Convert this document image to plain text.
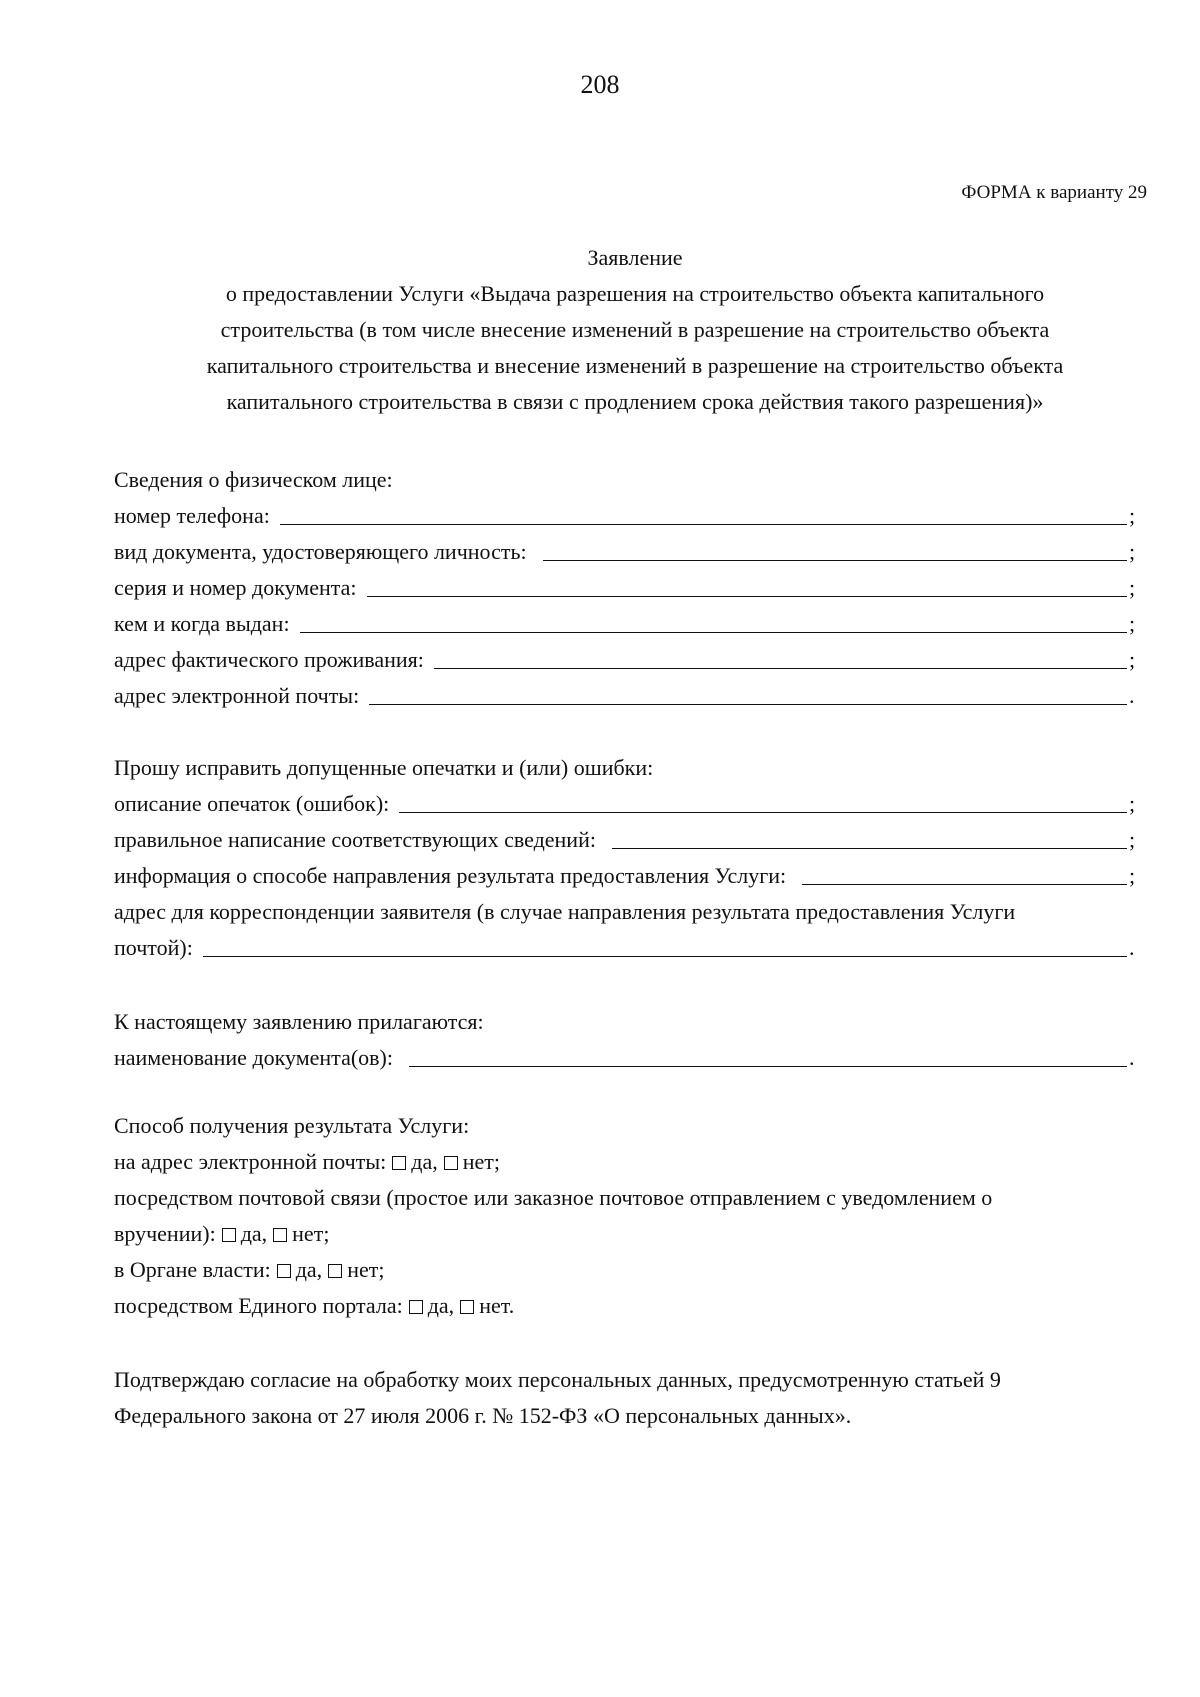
208
ФОРМА к варианту 29
Заявление
о предоставлении Услуги «Выдача разрешения на строительство объекта капитального
строительства (в том числе внесение изменений в разрешение на строительство объекта
капитального строительства и внесение изменений в разрешение на строительство объекта
капитального строительства в связи с продлением срока действия такого разрешения)»
Сведения о физическом лице:
номер телефона:	;
вид документа, удостоверяющего личность:	;
серия и номер документа:	;
кем и когда выдан:	;
адрес фактического проживания:	;
адрес электронной почты:	.
Прошу исправить допущенные опечатки и (или) ошибки:
описание опечаток (ошибок):	;
правильное написание соответствующих сведений:	;
информация о способе направления результата предоставления Услуги:	;
адрес для корреспонденции заявителя (в случае направления результата предоставления Услуги
почтой):	.
К настоящему заявлению прилагаются:
наименование документа(ов):	.
Способ получения результата Услуги:
на адрес электронной почты: да, нет;
посредством почтовой связи (простое или заказное почтовое отправлением с уведомлением о
вручении): да, нет;
в Органе власти: да, нет;
посредством Единого портала: да, нет.
Подтверждаю согласие на обработку моих персональных данных, предусмотренную статьей 9
Федерального закона от 27 июля 2006 г. № 152-ФЗ «О персональных данных».
